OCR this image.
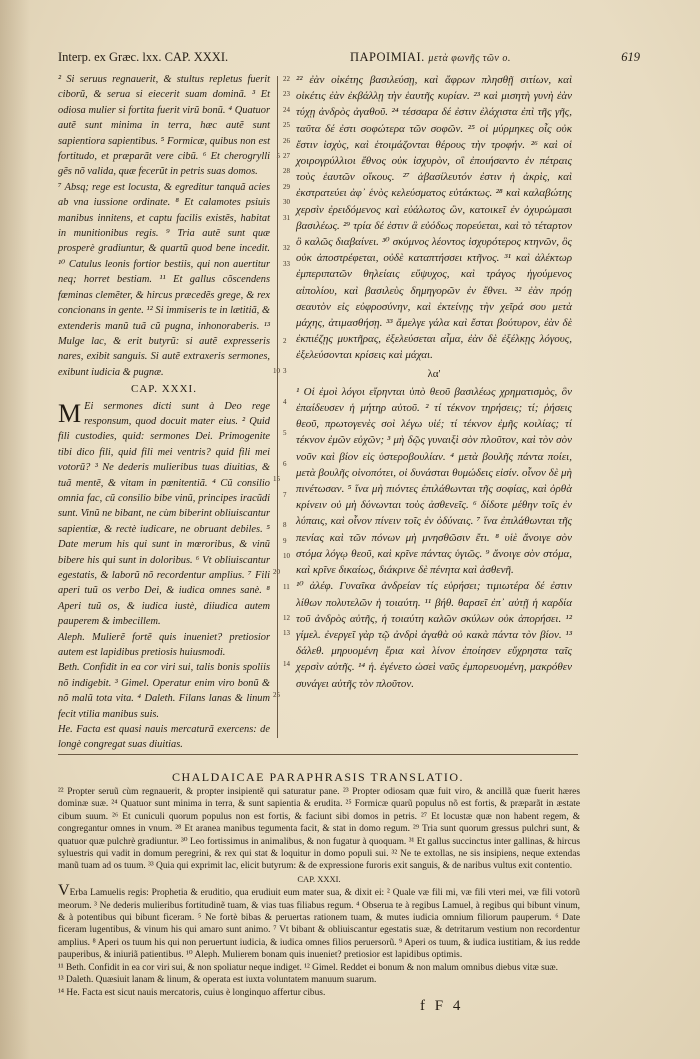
Interp. ex Græc. lxx. CAP. XXXI.	ΠΑΡΟΙΜΙΑΙ. μετὰ φωνῆς τῶν ο.	619

² Si seruus regnauerit, & stultus repletus fuerit ciborũ, & serua si eiecerit suam dominã. ³ Et odiosa mulier si fortita fuerit virũ bonũ. ⁴ Quatuor autẽ sunt minima in terra, hæc autẽ sunt sapientiora sapientibus. ⁵ Formicæ, quibus non est fortitudo, et præparãt vere cibũ. ⁶ Et cherogrylli gẽs nõ valida, quæ fecerũt in petris suas domos.

⁷ Absq; rege est locusta, & egreditur tanquã acies ab vna iussione ordinate. ⁸ Et calamotes psiuis manibus innitens, et captu facilis existẽs, habitat in munitionibus regis. ⁹ Tria autẽ sunt quæ prosperè gradiuntur, & quartũ quod bene incedit. ¹⁰ Catulus leonis fortior bestiis, qui non auertitur neq; horret bestiam. ¹¹ Et gallus cõscendens fœminas clemẽter, & hircus præcedẽs grege, & rex concionans in gente. ¹² Si immiseris te in lætitiã, & extenderis manũ tuã cũ pugna, inhonoraberis. ¹³ Mulge lac, & erit butyrũ: si autẽ expresseris nares, exibit sanguis. Si autẽ extraxeris sermones, exibunt iudicia & pugnæ.

CAP. XXXI.

M Ei sermones dicti sunt à Deo rege responsum, quod docuit mater eius. ² Quid fili custodies, quid: sermones Dei. Primogenite tibi dico fili, quid fili mei ventris? quid fili mei votorũ? ³ Ne dederis mulieribus tuas diuitias, & tuã mentẽ, & vitam in pœnitentiã. ⁴ Cũ consilio omnia fac, cũ consilio bibe vinũ, principes iracũdi sunt. Vinũ ne bibant, ne cùm biberint obliuiscantur sapientiæ, & rectè iudicare, ne obruant debiles. ⁵ Date merum his qui sunt in mœroribus, & vinũ bibere his qui sunt in doloribus. ⁶ Vt obliuiscantur egestatis, & laborũ nõ recordentur amplius. ⁷ Fili aperi tuũ os verbo Dei, & iudica omnes sanè. ⁸ Aperi tuũ os, & iudica iustè, diiudica autem pauperem & imbecillem.

Aleph. Mulierẽ fortẽ quis inueniet? pretiosior autem est lapidibus pretiosis huiusmodi.

Beth. Confidit in ea cor viri sui, talis bonis spoliis nõ indigebit. ³ Gimel. Operatur enim viro bonũ & nõ malũ tota vita. ⁴ Daleth. Filans lanas & linum fecit vtilia manibus suis.

He. Facta est quasi nauis mercaturã exercens: de longè congregat suas diuitias.

5

10

15

20

25

22
23
24
25
26
27
28
29
30
31

32
33

2

3

4

5

6

7

8
9
10

11

12
13

14

²² ἐὰν οἰκέτης βασιλεύσῃ, καὶ ἄφρων πλησθῇ σιτίων, καὶ οἰκέτις ἐὰν ἐκβάλλῃ τὴν ἑαυτῆς κυρίαν. ²³ καὶ μισητὴ γυνὴ ἐὰν τύχῃ ἀνδρὸς ἀγαθοῦ. ²⁴ τέσσαρα δέ ἐστιν ἐλάχιστα ἐπὶ τῆς γῆς, ταῦτα δέ ἐστι σοφώτερα τῶν σοφῶν. ²⁵ οἱ μύρμηκες οἷς οὐκ ἔστιν ἰσχὺς, καὶ ἑτοιμάζονται θέρους τὴν τροφήν. ²⁶ καὶ οἱ χοιρογρύλλιοι ἔθνος οὐκ ἰσχυρὸν, οἳ ἐποιήσαντο ἐν πέτραις τοὺς ἑαυτῶν οἴκους. ²⁷ ἀβασίλευτόν ἐστιν ἡ ἀκρὶς, καὶ ἐκστρατεύει ἀφ᾿ ἑνὸς κελεύσματος εὐτάκτως. ²⁸ καὶ καλαβώτης χερσὶν ἐρειδόμενος καὶ εὐάλωτος ὢν, κατοικεῖ ἐν ὀχυρώμασι βασιλέως. ²⁹ τρία δέ ἐστιν ἃ εὐόδως πορεύεται, καὶ τὸ τέταρτον ὃ καλῶς διαβαίνει. ³⁰ σκύμνος λέοντος ἰσχυρότερος κτηνῶν, ὃς οὐκ ἀποστρέφεται, οὐδὲ καταπτήσσει κτῆνος. ³¹ καὶ ἀλέκτωρ ἐμπεριπατῶν θηλείαις εὔψυχος, καὶ τράγος ἡγούμενος αἰπολίου, καὶ βασιλεὺς δημηγορῶν ἐν ἔθνει. ³² ἐὰν πρόῃ σεαυτὸν εἰς εὐφροσύνην, καὶ ἐκτείνῃς τὴν χεῖρά σου μετὰ μάχης, ἀτιμασθήσῃ. ³³ ἄμελγε γάλα καὶ ἔσται βούτυρον, ἐὰν δὲ ἐκπιέζῃς μυκτῆρας, ἐξελεύσεται αἷμα, ἐὰν δὲ ἐξέλκῃς λόγους, ἐξελεύσονται κρίσεις καὶ μάχαι.

λα'

¹ Οἱ ἐμοὶ λόγοι εἴρηνται ὑπὸ θεοῦ βασιλέως χρηματισμὸς, ὃν ἐπαίδευσεν ἡ μήτηρ αὐτοῦ. ² τί τέκνον τηρήσεις; τί; ῥήσεις θεοῦ, πρωτογενὲς σοὶ λέγω υἱέ; τί τέκνον ἐμῆς κοιλίας; τί τέκνον ἐμῶν εὐχῶν; ³ μὴ δῷς γυναιξὶ σὸν πλοῦτον, καὶ τὸν σὸν νοῦν καὶ βίον εἰς ὑστεροβουλίαν. ⁴ μετὰ βουλῆς πάντα ποίει, μετὰ βουλῆς οἰνοπότει, οἱ δυνάσται θυμώδεις εἰσίν. οἶνον δὲ μὴ πινέτωσαν. ⁵ ἵνα μὴ πιόντες ἐπιλάθωνται τῆς σοφίας, καὶ ὀρθὰ κρίνειν οὐ μὴ δύνωνται τοὺς ἀσθενεῖς. ⁶ δίδοτε μέθην τοῖς ἐν λύπαις, καὶ οἶνον πίνειν τοῖς ἐν ὀδύναις. ⁷ ἵνα ἐπιλάθωνται τῆς πενίας καὶ τῶν πόνων μὴ μνησθῶσιν ἔτι. ⁸ υἱὲ ἄνοιγε σὸν στόμα λόγῳ θεοῦ, καὶ κρῖνε πάντας ὑγιῶς. ⁹ ἄνοιγε σὸν στόμα, καὶ κρῖνε δικαίως, διάκρινε δὲ πένητα καὶ ἀσθενῆ.

¹⁰ ἀλέφ. Γυναῖκα ἀνδρείαν τίς εὑρήσει; τιμιωτέρα δέ ἐστιν λίθων πολυτελῶν ἡ τοιαύτη. ¹¹ βήθ. θαρσεῖ ἐπ᾿ αὐτῇ ἡ καρδία τοῦ ἀνδρὸς αὐτῆς, ἡ τοιαύτη καλῶν σκύλων οὐκ ἀπορήσει. ¹² γίμελ. ἐνεργεῖ γὰρ τῷ ἀνδρὶ ἀγαθὰ οὐ κακὰ πάντα τὸν βίον. ¹³ δάλεθ. μηρυομένη ἔρια καὶ λίνον ἐποίησεν εὔχρηστα ταῖς χερσὶν αὐτῆς. ¹⁴ ἡ. ἐγένετο ὡσεὶ ναῦς ἐμπορευομένη, μακρόθεν συνάγει αὐτῆς τὸν πλοῦτον.

CHALDAICAE PARAPHRASIS TRANSLATIO.

²² Propter seruũ cùm regnauerit, & propter insipientẽ qui saturatur pane. ²³ Propter odiosam quæ fuit viro, & ancillã quæ fuerit hæres dominæ suæ. ²⁴ Quatuor sunt minima in terra, & sunt sapientia & erudita. ²⁵ Formicæ quarũ populus nõ est fortis, & præparãt in æstate cibum suum. ²⁶ Et cuniculi quorum populus non est fortis, & faciunt sibi domos in petris. ²⁷ Et locustæ quæ non habent regem, & congregantur omnes in vnum. ²⁸ Et aranea manibus tegumenta facit, & stat in domo regum. ²⁹ Tria sunt quorum gressus pulchri sunt, & quatuor quæ pulchrè gradiuntur. ³⁰ Leo fortissimus in animalibus, & non fugatur à quoquam. ³¹ Et gallus succinctus inter gallinas, & hircus syluestris qui vadit in domum peregrini, & rex qui stat & loquitur in domo populi sui. ³² Ne te extollas, ne sis insipiens, neque extendas manũ tuam ad os tuum. ³³ Quia qui exprimit lac, elicit butyrum: & de expressione furoris exit sanguis, & de naribus vultus exit contentio.

CAP. XXXI.

VErba Lamuelis regis: Prophetia & eruditio, qua erudiuit eum mater sua, & dixit ei: ² Quale væ fili mi, væ fili vteri mei, væ fili votorũ meorum. ³ Ne dederis mulieribus fortitudinẽ tuam, & vias tuas filiabus regum. ⁴ Obserua te à regibus Lamuel, à regibus qui bibunt vinum, & à potentibus qui bibunt ficeram. ⁵ Ne fortè bibas & peruertas rationem tuam, & mutes iudicia omnium filiorum pauperum. ⁶ Date ficeram lugentibus, & vinum his qui amaro sunt animo. ⁷ Vt bibant & obliuiscantur egestatis suæ, & detritarum vestium non recordentur amplius. ⁸ Aperi os tuum his qui non peruertunt iudicia, & iudica omnes filios peruersorũ. ⁹ Aperi os tuum, & iudica iustitiam, & ius redde pauperibus, & iniuriã patientibus. ¹⁰ Aleph. Mulierem bonam quis inueniet? pretiosior est lapidibus optimis.

¹¹ Beth. Confidit in ea cor viri sui, & non spoliatur neque indiget. ¹² Gimel. Reddet ei bonum & non malum omnibus diebus vitæ suæ.

¹³ Daleth. Quæsiuit lanam & linum, & operata est iuxta voluntatem manuum suarum.

¹⁴ He. Facta est sicut nauis mercatoris, cuius è longinquo affertur cibus.

f F 4
